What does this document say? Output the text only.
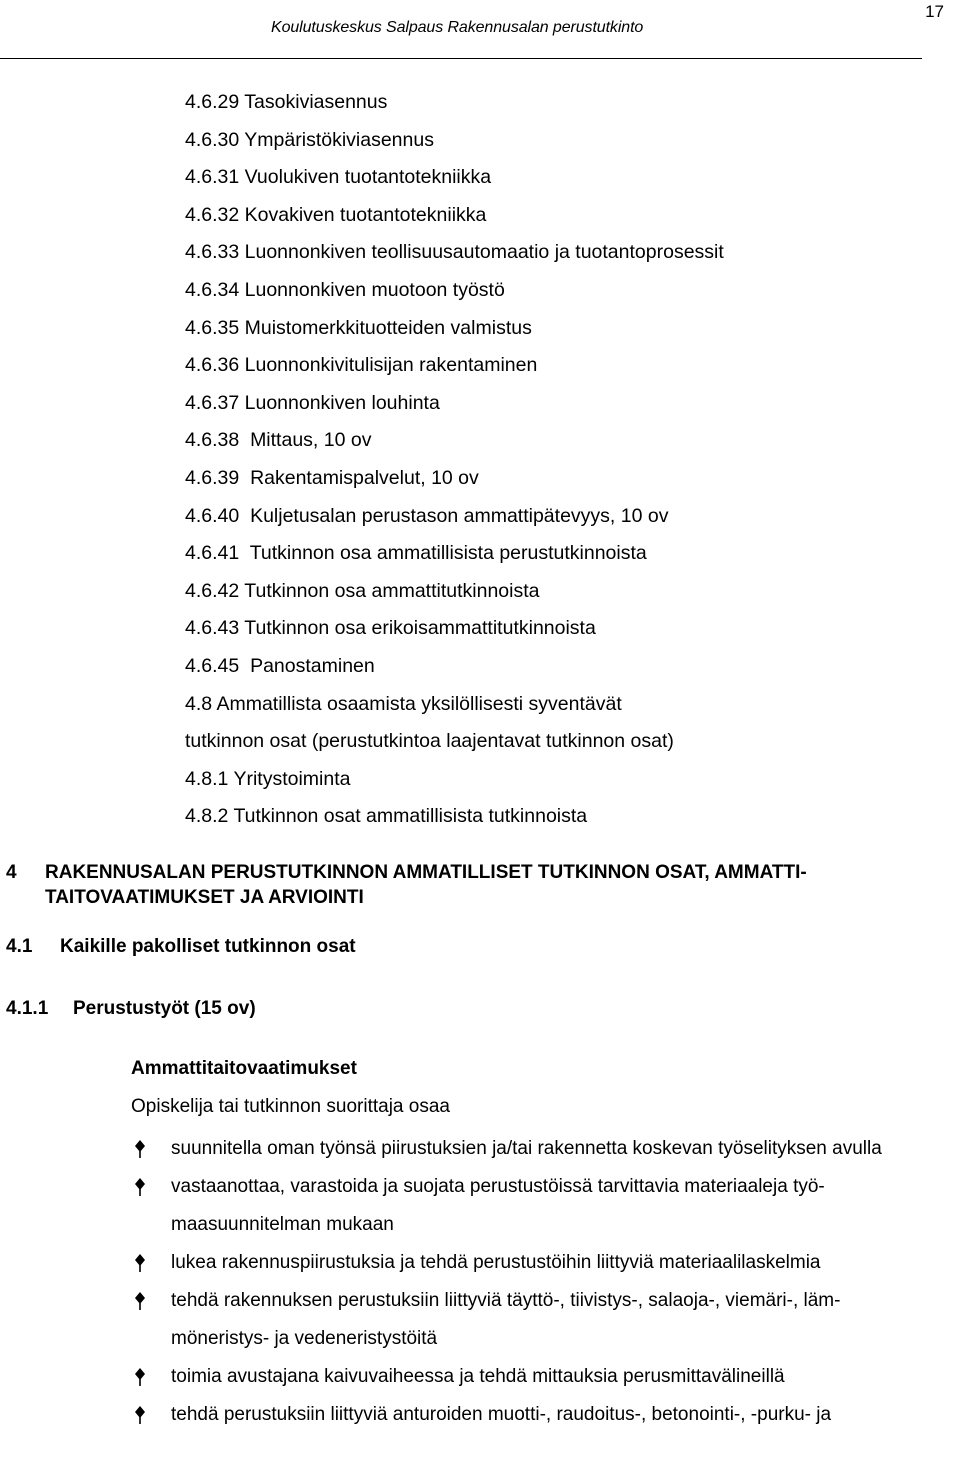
17
Koulutuskeskus Salpaus Rakennusalan perustutkinto
4.6.29 Tasokiviasennus
4.6.30 Ympäristökiviasennus
4.6.31 Vuolukiven tuotantotekniikka
4.6.32 Kovakiven tuotantotekniikka
4.6.33 Luonnonkiven teollisuusautomaatio ja tuotantoprosessit
4.6.34 Luonnonkiven muotoon työstö
4.6.35 Muistomerkkituotteiden valmistus
4.6.36 Luonnonkivitulisijan rakentaminen
4.6.37 Luonnonkiven louhinta
4.6.38 Mittaus, 10 ov
4.6.39 Rakentamispalvelut, 10 ov
4.6.40 Kuljetusalan perustason ammattipätevyys, 10 ov
4.6.41 Tutkinnon osa ammatillisista perustutkinnoista
4.6.42 Tutkinnon osa ammattitutkinnoista
4.6.43 Tutkinnon osa erikoisammattitutkinnoista
4.6.45 Panostaminen
4.8 Ammatillista osaamista yksilöllisesti syventävät
tutkinnon osat (perustutkintoa laajentavat tutkinnon osat)
4.8.1 Yritystoiminta
4.8.2 Tutkinnon osat ammatillisista tutkinnoista
4	RAKENNUSALAN PERUSTUTKINNON AMMATILLISET TUTKINNON OSAT, AMMATTI-TAITOVAATIMUKSET JA ARVIOINTI
4.1 Kaikille pakolliset tutkinnon osat
4.1.1 Perustustyöt (15 ov)
Ammattitaitovaatimukset

Opiskelija tai tutkinnon suorittaja osaa

suunnitella oman työnsä piirustuksien ja/tai rakennetta koskevan työselityksen avulla
vastaanottaa, varastoida ja suojata perustustöissä tarvittavia materiaaleja työ-maasuunnitelman mukaan
lukea rakennuspiirustuksia ja tehdä perustustöihin liittyviä materiaalilaskelmia
tehdä rakennuksen perustuksiin liittyviä täyttö-, tiivistys-, salaoja-, viemäri-, läm-möneristys- ja vedeneristystöitä
toimia avustajana kaivuvaiheessa ja tehdä mittauksia perusmittavälineillä
tehdä perustuksiin liittyviä anturoiden muotti-, raudoitus-, betonointi-, -purku- ja
